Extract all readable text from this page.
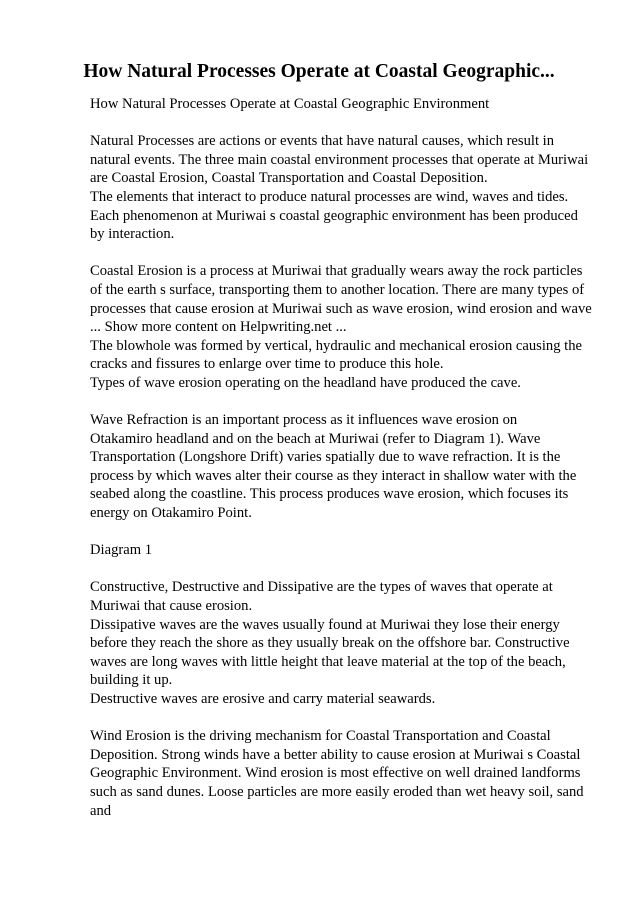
How Natural Processes Operate at Coastal Geographic...

How Natural Processes Operate at Coastal Geographic Environment

Natural Processes are actions or events that have natural causes, which result in
natural events. The three main coastal environment processes that operate at Muriwai
are Coastal Erosion, Coastal Transportation and Coastal Deposition.
The elements that interact to produce natural processes are wind, waves and tides.
Each phenomenon at Muriwai s coastal geographic environment has been produced
by interaction.

Coastal Erosion is a process at Muriwai that gradually wears away the rock particles
of the earth s surface, transporting them to another location. There are many types of
processes that cause erosion at Muriwai such as wave erosion, wind erosion and wave
... Show more content on Helpwriting.net ...
The blowhole was formed by vertical, hydraulic and mechanical erosion causing the
cracks and fissures to enlarge over time to produce this hole.
Types of wave erosion operating on the headland have produced the cave.

Wave Refraction is an important process as it influences wave erosion on
Otakamiro headland and on the beach at Muriwai (refer to Diagram 1). Wave
Transportation (Longshore Drift) varies spatially due to wave refraction. It is the
process by which waves alter their course as they interact in shallow water with the
seabed along the coastline. This process produces wave erosion, which focuses its
energy on Otakamiro Point.

Diagram 1

Constructive, Destructive and Dissipative are the types of waves that operate at
Muriwai that cause erosion.
Dissipative waves are the waves usually found at Muriwai they lose their energy
before they reach the shore as they usually break on the offshore bar. Constructive
waves are long waves with little height that leave material at the top of the beach,
building it up.
Destructive waves are erosive and carry material seawards.

Wind Erosion is the driving mechanism for Coastal Transportation and Coastal
Deposition. Strong winds have a better ability to cause erosion at Muriwai s Coastal
Geographic Environment. Wind erosion is most effective on well drained landforms
such as sand dunes. Loose particles are more easily eroded than wet heavy soil, sand
and
